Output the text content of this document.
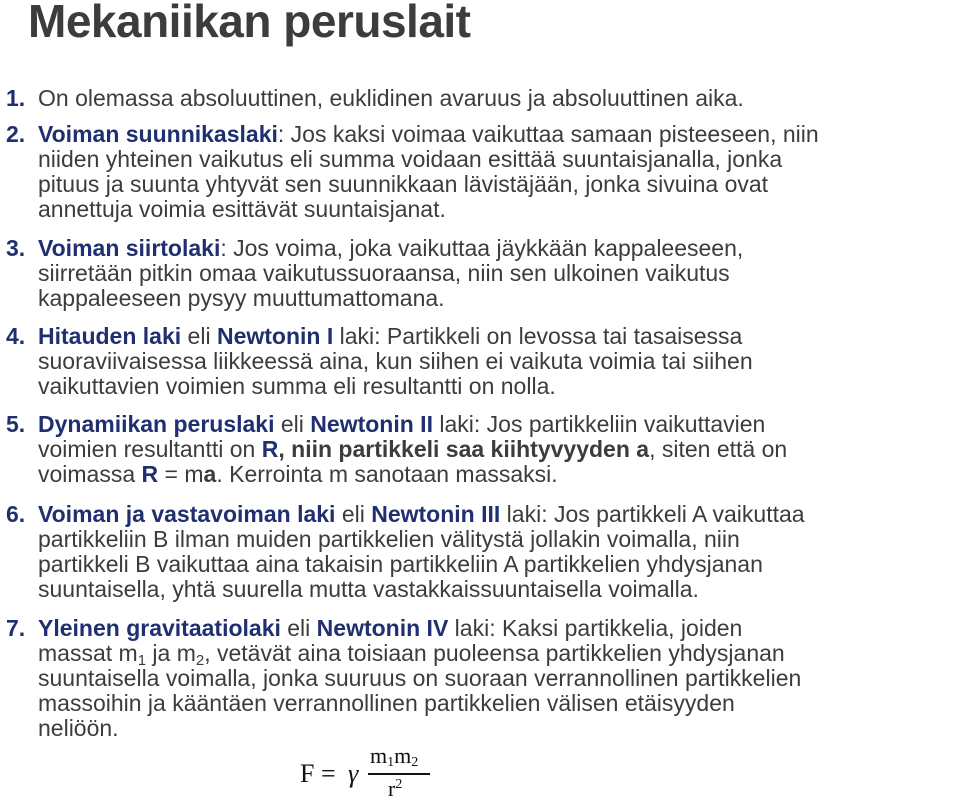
Mekaniikan peruslait
1. On olemassa absoluuttinen, euklidinen avaruus ja absoluuttinen aika.
2. Voiman suunnikaslaki: Jos kaksi voimaa vaikuttaa samaan pisteeseen, niin
niiden yhteinen vaikutus eli summa voidaan esittää suuntaisjanalla, jonka
pituus ja suunta yhtyvät sen suunnikkaan lävistäjään, jonka sivuina ovat
annettuja voimia esittävät suuntaisjanat.
3. Voiman siirtolaki: Jos voima, joka vaikuttaa jäykkään kappaleeseen,
siirretään pitkin omaa vaikutussuoraansa, niin sen ulkoinen vaikutus
kappaleeseen pysyy muuttumattomana.
4. Hitauden laki eli Newtonin I laki: Partikkeli on levossa tai tasaisessa
suoraviivaisessa liikkeessä aina, kun siihen ei vaikuta voimia tai siihen
vaikuttavien voimien summa eli resultantti on nolla.
5. Dynamiikan peruslaki eli Newtonin II laki: Jos partikkeliin vaikuttavien
voimien resultantti on R, niin partikkeli saa kiihtyvyyden a, siten että on
voimassa R = ma. Kerrointa m sanotaan massaksi.
6. Voiman ja vastavoiman laki eli Newtonin III laki: Jos partikkeli A vaikuttaa
partikkeliin B ilman muiden partikkelien välitystä jollakin voimalla, niin
partikkeli B vaikuttaa aina takaisin partikkeliin A partikkelien yhdysjanan
suuntaisella, yhtä suurella mutta vastakkaissuuntaisella voimalla.
7. Yleinen gravitaatiolaki eli Newtonin IV laki: Kaksi partikkelia, joiden
massat $m_1$ ja $m_2$, vetävät aina toisiaan puoleensa partikkelien yhdysjanan
suuntaisella voimalla, jonka suuruus on suoraan verrannollinen partikkelien
massoihin ja kääntäen verrannollinen partikkelien välisen etäisyyden
neliöön.
F = γ
m1m2
$r^2$
